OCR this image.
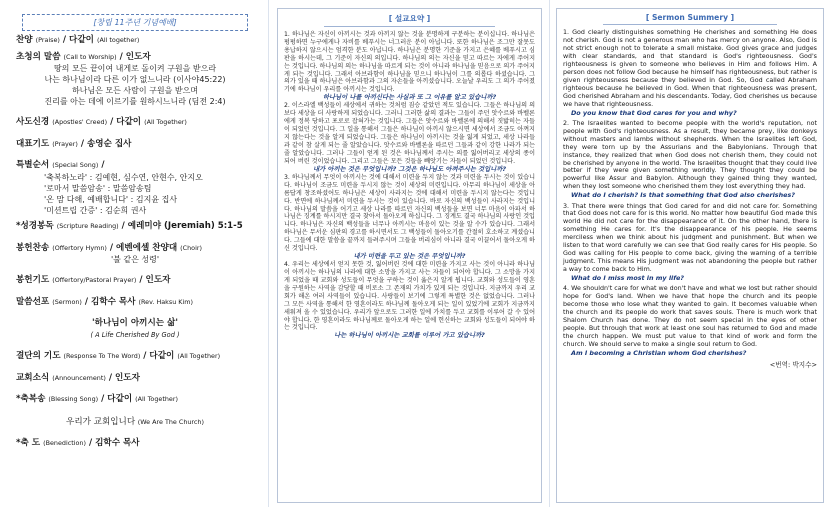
[창립 11주년 기념예배]
찬양 (Praise) / 다같이 (All together)
초청의 말씀 (Call to Worship) / 인도자
땅의 모든 끝이여 내게로 돌이켜 구원을 받으라
나는 하나님이라 다른 이가 없느니라 (이사야45:22)
하나님은 모든 사람이 구원을 받으며
진리를 아는 데에 이르기를 원하시느니라 (딤전 2:4)
사도신경 (Apostles' Creed) / 다같이 (All Together)
대표기도 (Prayer) / 송영순 집사
특별순서 (Special Song) /
'축복하노라' : 김예현, 심수연, 안현수, 안지오
'로마서 말씀암송' : 말씀암송팀
'온 맘 다해, 예배합니다' : 김지윤 집사
'미션트립 간증' : 김순희 권사
*성경봉독 (Scripture Reading) / 예레미야 (Jeremiah) 5:1-5
봉헌찬송 (Offertory Hymn) / 에벤에셀 찬양대 (Choir)
'불 같은 성령'
봉헌기도 (Offertory/Pastoral Prayer) / 인도자
말씀선포 (Sermon) / 김학수 목사 (Rev. Haksu Kim)
'하나님이 아끼시는 삶'
( A Life Cherished By God )
결단의 기도 (Response To The Word) / 다같이 (All Together)
교회소식 (Announcement) / 인도자
*축복송 (Blessing Song) / 다같이 (All Together)
우리가 교회입니다 (We Are The Church)
*축 도 (Benediction) / 김학수 목사
[ 설교요약 ]
1. 하나님은 자신이 아끼시는 것과 아끼지 않는 것을 분명하게 구분하는 분이십니다. 하나님은 펑펑하면 누구에게나 자비를 베푸시는 너그러운 분이 아닙니다. 또한 하나님은 조그만 잘못도 용납하지 않으시는 엄격한 분도 아닙니다. 하나님은 분명한 기준을 가지고 은혜를 베푸시고 심판을 하시는데, 그 기준이 자신의 의입니다. 하나님의 의는 자신을 믿고 따르는 자에게 주어지는 것입니다. 하나님의 의는 하나님을 따르게 되는 것이 아니라 하나님을 믿음으로 의가 주어지게 되는 것입니다. 그래서 아브라함이 하나님을 믿으니 하나님이 그를 의롭다 하셨습니다. 그 의가 있을 때 하나님은 아브라함과 그의 자손들을 아끼셨습니다. 오늘날 우리도 그 의가 주어졌기에 하나님이 우리를 아끼시는 것입니다.
하나님이 나를 아끼신다는 사실과 또 그 이유를 알고 있습니까?
2. 이스라엘 백성들이 세상에서 귀하는 것처럼 짐승 같았던 적도 있습니다. 그들은 하나님의 의보다 세상을 더 사랑하게 되었습니다. 그러니 그러한 삶의 결과는 그들이 주던 앗수르와 바벨론에게 정복 당하고 포로로 잡혀가는 것입니다. 그들은 앗수르와 바벨론에 의해서 짓밟히는 자들이 되었던 것입니다. 그 일을 통해서 그들은 하나님이 아끼시 않으시면 세상에서 조금도 아껴지지 않는다는 것을 알게 되었습니다. 그들은 하나님이 아끼시는 것을 잃게 되었고, 세상 나라들과 같이 참 살게 되는 줄 알았습니다. 앗수르와 바벨론을 따르던 그들과 같이 강한 나라가 되는 줄 알았습니다. 그러나 그들이 얻게 된 것은 하나님께서 주시는 의를 잃어버리고 세상의 종이 되어 버린 것이었습니다. 그리고 그들은 모든 것들을 빼앗기는 자들이 되었던 것입니다.
내가 아끼는 것은 무엇입니까? 그것은 하나님도 아껴주시는 것입니까?
3. 하나님께서 무엇이 아끼시는 것에 대해서 미련을 두지 않는 것과 미련을 두시는 것이 있습니다. 하나님이 조금도 미련을 두시지 않는 것이 세상의 미련입니다. 아무리 하나님이 세상을 아름답게 창조하셨어도 하나님은 세상이 사라지는 것에 대해서 미련을 두시지 않는다는 것입니다. 반면에 하나님께서 미련을 두시는 것이 있습니다. 바로 자신의 백성들이 사라지는 것입니다. 하나님의 말씀을 어기고 세상 나라를 따르던 자신의 백성들을 보면 너무 마음이 아파서 하나님은 징계를 하시지만 결국 찾아서 돌아오게 하십니다. 그 징계도 결국 하나님의 사랑인 것입니다. 하나님은 자신의 백성들을 너무나 아끼시는 마음이 있는 것을 알 수가 있습니다. 그래서 하나님은 무서운 심판의 경고를 하시면서도 그 백성들이 돌아오기를 간절히 호소하고 계셨습니다. 그들에 대한 말씀을 끝까지 들려주시며 그들을 버리심이 아니라 결국 이끌어서 돌아오게 하신 것입니다.
내가 미련을 두고 있는 것은 무엇입니까?
4. 우리는 세상에서 얻지 못한 것, 잃어버린 것에 대한 미련을 가지고 사는 것이 아니라 하나님이 아끼시는 하나님의 나라에 대한 소망을 가지고 사는 자들이 되어야 합니다. 그 소망을 가지게 되었을 때 교회와 성도들이 무엇을 구하는 것이 옳은지 알게 됩니다. 교회와 성도들이 영혼을 구원하는 사역을 감당할 때 비로소 그 존재의 가치가 있게 되는 것입니다. 지금까지 우리 교회가 해온 여러 사역들이 있습니다. 사랑들이 보기에 그렇게 특별한 것은 없었습니다. 그러나 그 모든 사역을 통해서 한 영혼이라도 하나님께 돌아오게 되는 일이 있었기에 교회가 지금까지 세워져 올 수 있었습니다. 우리가 앞으로도 그러한 일에 가치를 두고 교회를 이루어 갈 수 있어야 합니다. 한 영혼이라도 하나님께로 돌아오게 하는 일에 헌신하는 교회와 성도들이 되어야 하는 것입니다.
나는 하나님이 아끼시는 교회를 이루어 가고 있습니까?
[ Sermon Summery ]
1. God clearly distinguishes something He cherishes and something He does not cherish. God is not a generous man who has mercy on anyone. Also, God is not strict enough not to tolerate a small mistake. God gives grace and judges with clear standards, and that standard is God's righteousness. God's righteousness is given to someone who believes in Him and follows Him. A person does not follow God because he himself has righteousness, but rather is given righteousness because they believed in God. So, God called Abraham righteous because he believed in God. When that righteousness was present, God cherished Abraham and his descendants. Today, God cherishes us because we have that righteousness.
Do you know that God cares for you and why?
2. The Israelites wanted to become people with the world's reputation, not people with God's righteousness. As a result, they became prey, like donkeys without masters and lambs without shepherds. When the Israelites left God, they were torn up by the Assurians and the Babylonians. Through that instance, they realized that when God does not cherish them, they could not be cherished by anyone in the world. The Israelites thought that they could live better if they were given something worldly. They thought they could be powerful like Assur and Babylon. Although they gained thing they wanted, when they lost someone who cherished them they lost everything they had.
What do I cherish? Is that something that God also cherishes?
3. That there were things that God cared for and did not care for. Something that God does not care for is this world. No matter how beautiful God made this world He did not care for the disappearance of it. On the other hand, there is something He cares for. It's the disappearance of his people. He seems merciless when we think about his judgment and punishment. But when we listen to that word carefully we can see that God really cares for His people. So God was calling for His people to come back, giving the warning of a terrible judgment. This means His judgment was not abandoning the people but rather a way to come back to Him.
What do I miss most in my life?
4. We shouldn't care for what we don't have and what we lost but rather should hope for God's land. When we have that hope the church and its people become those who lose what they wanted to gain. It becomes valuable when the church and its people do work that saves souls. There is much work that Shalom Church has done. They do not seem special in the eyes of other people. But through that work at least one soul has returned to God and made the church happen. We must put value to that kind of work and form the church. We should serve to make a single soul return to God.
Am I becoming a Christian whom God cherishes?
<번역: 박지수>
